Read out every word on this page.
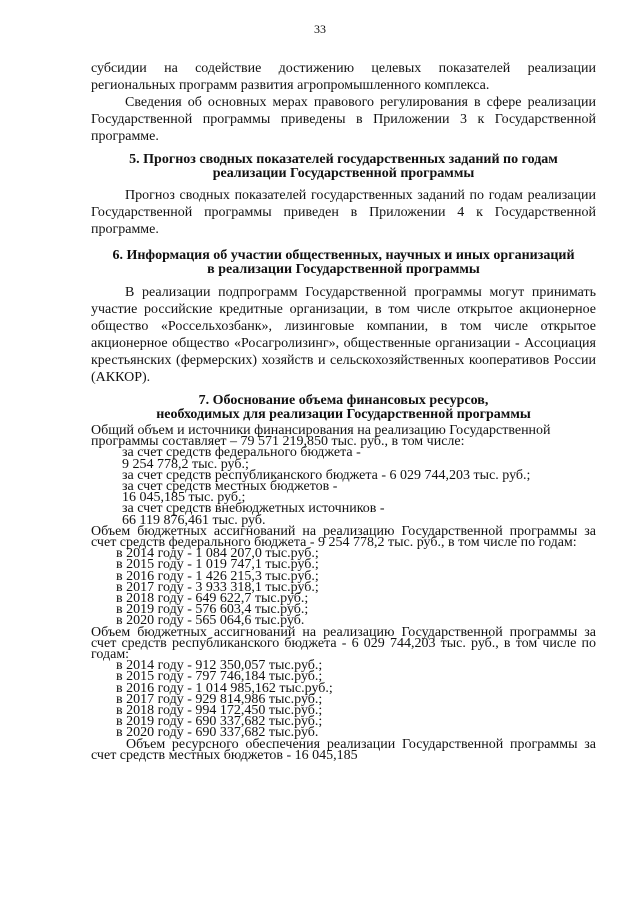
33

субсидии на содействие достижению целевых показателей реализации региональных программ развития агропромышленного комплекса.

Сведения об основных мерах правового регулирования в сфере реализации Государственной программы приведены в Приложении 3 к Государственной программе.

5. Прогноз сводных показателей государственных заданий по годам

реализации Государственной программы

Прогноз сводных показателей государственных заданий по годам реализации Государственной программы приведен в Приложении 4 к Государственной программе.

6. Информация об участии общественных, научных и иных организаций

в реализации Государственной программы

В реализации подпрограмм Государственной программы могут принимать участие российские кредитные организации, в том числе открытое акционерное общество «Россельхозбанк», лизинговые компании, в том числе открытое акционерное общество «Росагролизинг», общественные организации - Ассоциация крестьянских (фермерских) хозяйств и сельскохозяйственных кооперативов России (АККОР).

7. Обоснование объема финансовых ресурсов,

необходимых для реализации Государственной программы

Общий объем и источники финансирования на реализацию Государственной программы составляет – 79 571 219,850 тыс. руб., в том числе:

за счет средств федерального бюджета -

9 254 778,2 тыс. руб.;

за счет средств республиканского бюджета - 6 029 744,203 тыс. руб.;

за счет средств местных бюджетов -

16 045,185 тыс. руб.;

за счет средств внебюджетных источников -

66 119 876,461 тыс. руб.

Объем бюджетных ассигнований на реализацию Государственной программы за счет средств федерального бюджета - 9 254 778,2 тыс. руб., в том числе по годам:

в 2014 году - 1 084 207,0 тыс.руб.;

в 2015 году - 1 019 747,1 тыс.руб.;

в 2016 году - 1 426 215,3 тыс.руб.;

в 2017 году - 3 933 318,1 тыс.руб.;

в 2018 году - 649 622,7 тыс.руб.;

в 2019 году - 576 603,4 тыс.руб.;

в 2020 году - 565 064,6 тыс.руб.

Объем бюджетных ассигнований на реализацию Государственной программы за счет средств республиканского бюджета - 6 029 744,203 тыс. руб., в том числе по годам:

в 2014 году - 912 350,057 тыс.руб.;

в 2015 году - 797 746,184 тыс.руб.;

в 2016 году - 1 014 985,162 тыс.руб.;

в 2017 году - 929 814,986 тыс.руб.;

в 2018 году - 994 172,450 тыс.руб.;

в 2019 году - 690 337,682 тыс.руб.;

в 2020 году - 690 337,682 тыс.руб.

Объем ресурсного обеспечения реализации Государственной программы за счет средств местных бюджетов - 16 045,185
